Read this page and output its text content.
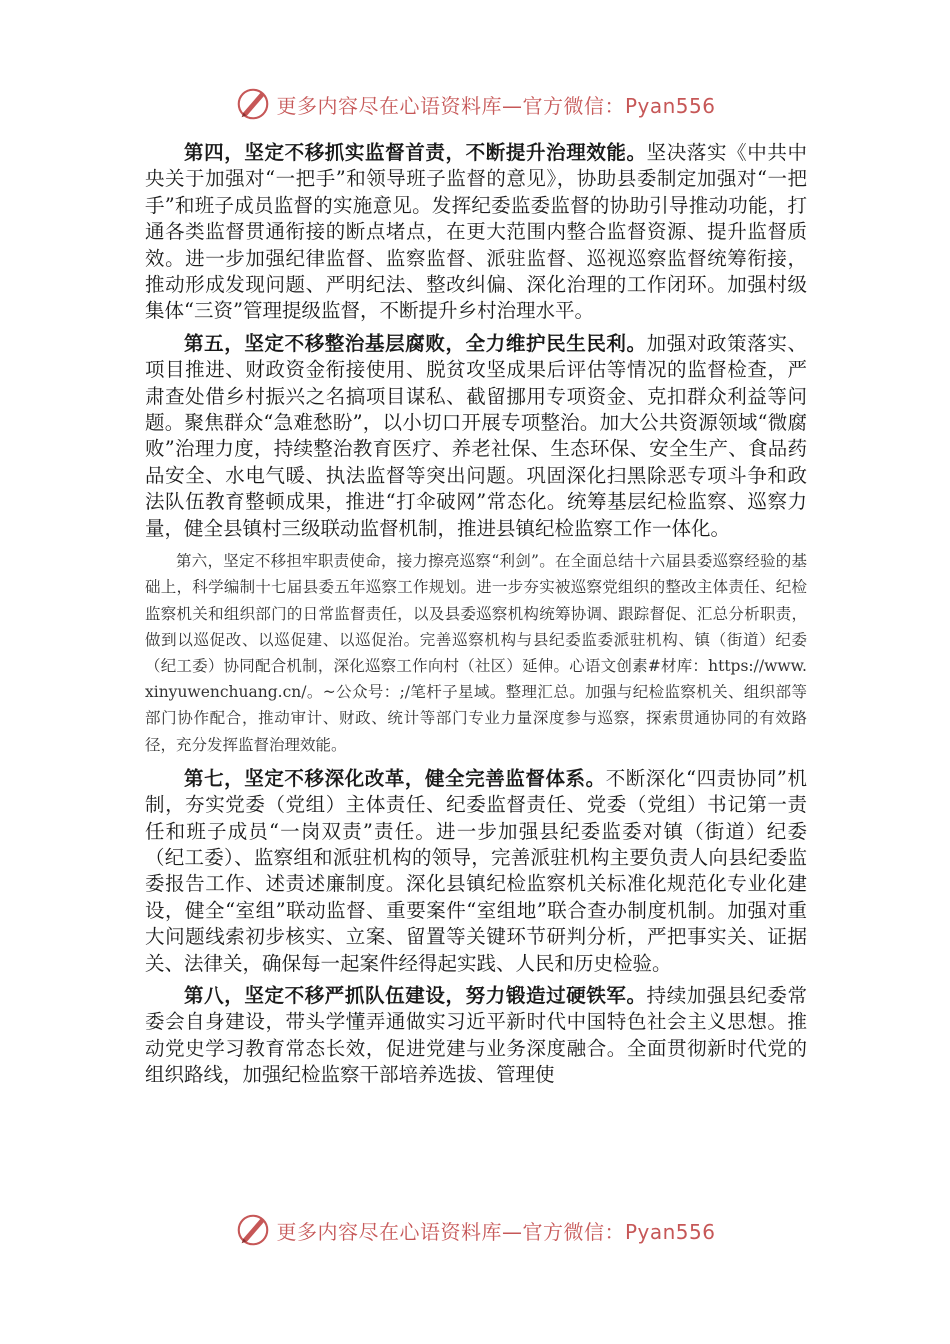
更多内容尽在心语资料库—官方微信：Pyan556

第四，坚定不移抓实监督首责，不断提升治理效能。坚决落实《中共中央关于加强对“一把手”和领导班子监督的意见》，协助县委制定加强对“一把手”和班子成员监督的实施意见。发挥纪委监委监督的协助引导推动功能，打通各类监督贯通衔接的断点堵点，在更大范围内整合监督资源、提升监督质效。进一步加强纪律监督、监察监督、派驻监督、巡视巡察监督统筹衔接，推动形成发现问题、严明纪法、整改纠偏、深化治理的工作闭环。加强村级集体“三资”管理提级监督，不断提升乡村治理水平。

第五，坚定不移整治基层腐败，全力维护民生民利。加强对政策落实、项目推进、财政资金衔接使用、脱贫攻坚成果后评估等情况的监督检查，严肃查处借乡村振兴之名搞项目谋私、截留挪用专项资金、克扣群众利益等问题。聚焦群众“急难愁盼”，以小切口开展专项整治。加大公共资源领域“微腐败”治理力度，持续整治教育医疗、养老社保、生态环保、安全生产、食品药品安全、水电气暖、执法监督等突出问题。巩固深化扫黑除恶专项斗争和政法队伍教育整顿成果，推进“打伞破网”常态化。统筹基层纪检监察、巡察力量，健全县镇村三级联动监督机制，推进县镇纪检监察工作一体化。

第六，坚定不移担牢职责使命，接力擦亮巡察“利剑”。在全面总结十六届县委巡察经验的基础上，科学编制十七届县委五年巡察工作规划。进一步夯实被巡察党组织的整改主体责任、纪检监察机关和组织部门的日常监督责任，以及县委巡察机构统筹协调、跟踪督促、汇总分析职责，做到以巡促改、以巡促建、以巡促治。完善巡察机构与县纪委监委派驻机构、镇（街道）纪委（纪工委）协同配合机制，深化巡察工作向村（社区）延伸。心语文创素#材库：https://www.xinyuwenchuang.cn/。~公众号：;/笔杆子星域。整理汇总。加强与纪检监察机关、组织部等部门协作配合，推动审计、财政、统计等部门专业力量深度参与巡察，探索贯通协同的有效路径，充分发挥监督治理效能。

第七，坚定不移深化改革，健全完善监督体系。不断深化“四责协同”机制，夯实党委（党组）主体责任、纪委监督责任、党委（党组）书记第一责任和班子成员“一岗双责”责任。进一步加强县纪委监委对镇（街道）纪委（纪工委）、监察组和派驻机构的领导，完善派驻机构主要负责人向县纪委监委报告工作、述责述廉制度。深化县镇纪检监察机关标准化规范化专业化建设，健全“室组”联动监督、重要案件“室组地”联合查办制度机制。加强对重大问题线索初步核实、立案、留置等关键环节研判分析，严把事实关、证据关、法律关，确保每一起案件经得起实践、人民和历史检验。

第八，坚定不移严抓队伍建设，努力锻造过硬铁军。持续加强县纪委常委会自身建设，带头学懂弄通做实习近平新时代中国特色社会主义思想。推动党史学习教育常态长效，促进党建与业务深度融合。全面贯彻新时代党的组织路线，加强纪检监察干部培养选拔、管理使

更多内容尽在心语资料库—官方微信：Pyan556
